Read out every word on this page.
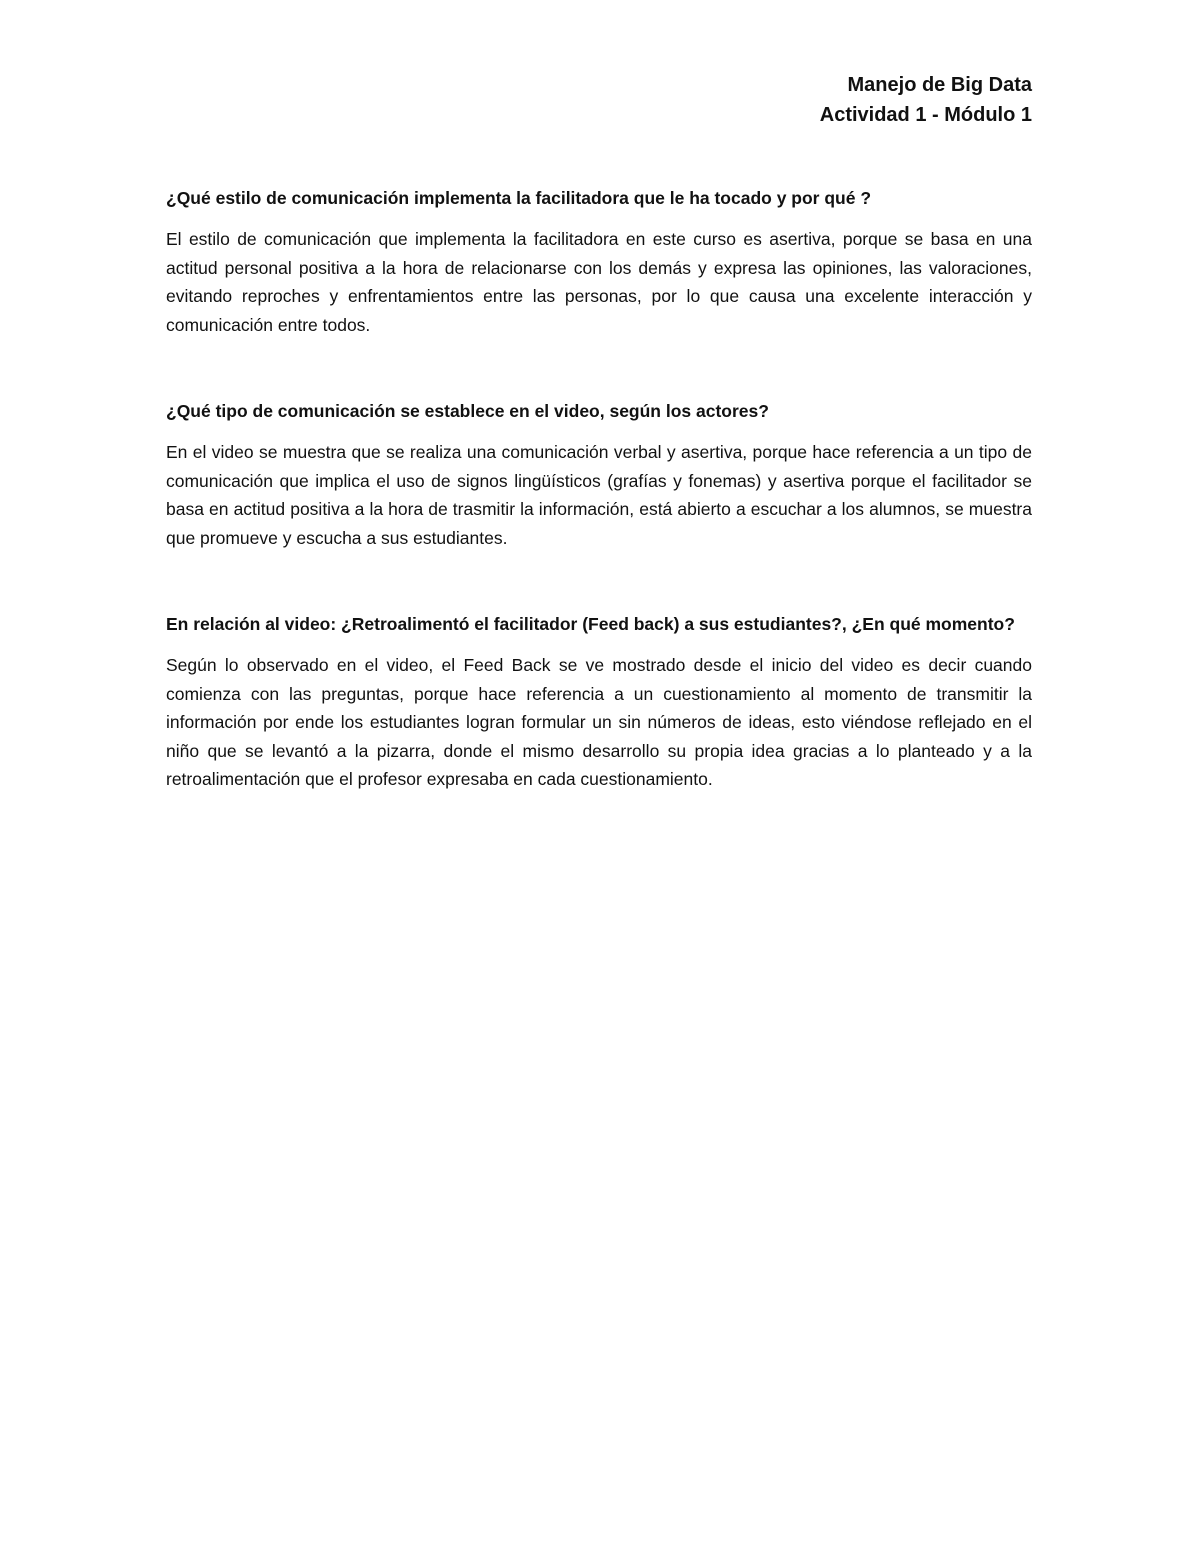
Manejo de Big Data
Actividad 1 - Módulo 1

¿Qué estilo de comunicación implementa la facilitadora que le ha tocado y por qué ?

El estilo de comunicación que implementa la facilitadora en este curso es asertiva, porque se basa en una actitud personal positiva a la hora de relacionarse con los demás y expresa las opiniones, las valoraciones, evitando reproches y enfrentamientos entre las personas, por lo que causa una excelente interacción y comunicación entre todos.

¿Qué tipo de comunicación se establece en el video, según los actores?

En el video se muestra que se realiza una comunicación verbal y asertiva, porque hace referencia a un tipo de comunicación que implica el uso de signos lingüísticos (grafías y fonemas) y asertiva porque el facilitador se basa en actitud positiva a la hora de trasmitir la información, está abierto a escuchar a los alumnos, se muestra que promueve y escucha a sus estudiantes.

En relación al video: ¿Retroalimentó el facilitador (Feed back) a sus estudiantes?, ¿En qué momento?

Según lo observado en el video, el Feed Back se ve mostrado desde el inicio del video es decir cuando comienza con las preguntas, porque hace referencia a un cuestionamiento al momento de transmitir la información por ende los estudiantes logran formular un sin números de ideas, esto viéndose reflejado en el niño que se levantó a la pizarra, donde el mismo desarrollo su propia idea gracias a lo planteado y a la retroalimentación que el profesor expresaba en cada cuestionamiento.
